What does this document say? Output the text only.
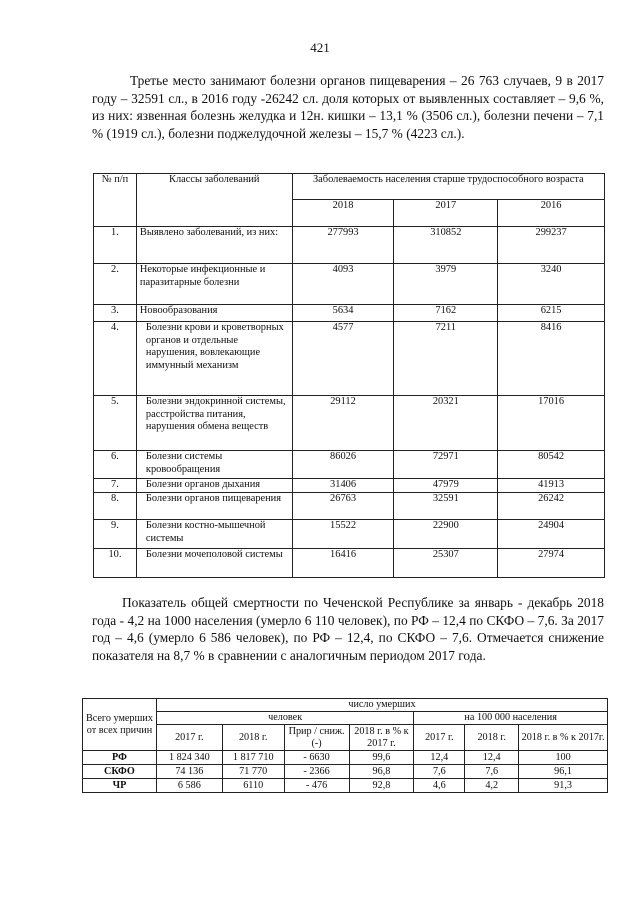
421

Третье место занимают болезни органов пищеварения – 26 763 случаев, 9 в 2017 году – 32591 сл., в 2016 году -26242 сл. доля которых от выявленных составляет – 9,6 %, из них: язвенная болезнь желудка и 12н. кишки – 13,1 % (3506 сл.), болезни печени – 7,1 % (1919 сл.), болезни поджелудочной железы – 15,7 % (4223 сл.).

№ п/п	Классы заболеваний	Заболеваемость населения старше трудоспособного возраста		
		2018	2017	2016
1.	Выявлено заболеваний, из них:	277993	310852	299237
2.	Некоторые инфекционные и паразитарные болезни	4093	3979	3240
3.	Новообразования	5634	7162	6215
4.	Болезни крови и кроветворных органов и отдельные нарушения, вовлекающие иммунный механизм	4577	7211	8416
5.	Болезни эндокринной системы, расстройства питания, нарушения обмена веществ	29112	20321	17016
6.	Болезни системы кровообращения	86026	72971	80542
7.	Болезни органов дыхания	31406	47979	41913
8.	Болезни органов пищеварения	26763	32591	26242
9.	Болезни костно-мышечной системы	15522	22900	24904
10.	Болезни мочеполовой системы	16416	25307	27974

Показатель общей смертности по Чеченской Республике за январь - декабрь 2018 года - 4,2 на 1000 населения (умерло 6 110 человек), по РФ – 12,4 по СКФО – 7,6. За 2017 год – 4,6 (умерло 6 586 человек), по РФ – 12,4, по СКФО – 7,6. Отмечается снижение показателя на 8,7 % в сравнении с аналогичным периодом 2017 года.

Всего умерших от всех причин	число умерших						
	человек				на 100 000 населения		
	2017 г.	2018 г.	Прир / сниж. (-)	2018 г. в % к 2017 г.	2017 г.	2018 г.	2018 г. в % к 2017г.
РФ	1 824 340	1 817 710	- 6630	99,6	12,4	12,4	100
СКФО	74 136	71 770	- 2366	96,8	7,6	7,6	96,1
ЧР	6 586	6110	- 476	92,8	4,6	4,2	91,3
